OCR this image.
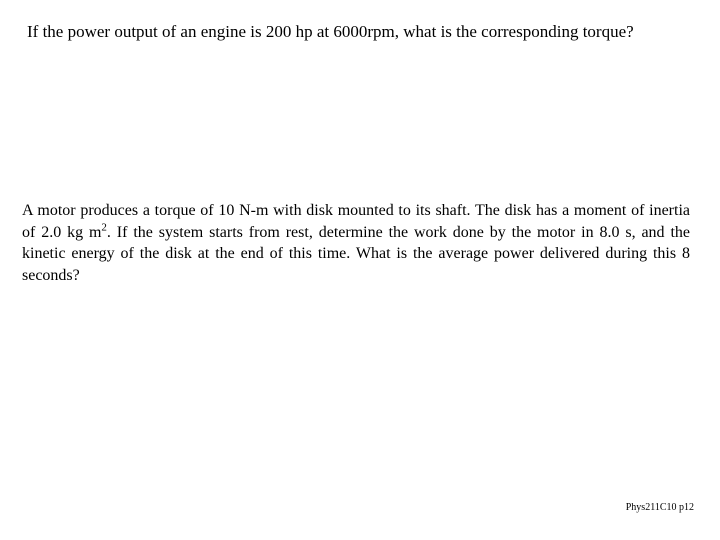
If the power output of an engine is 200 hp at 6000rpm, what is the corresponding torque?
A motor produces a torque of 10 N-m with disk mounted to its shaft. The disk has a moment of inertia of 2.0 kg $m^2$. If the system starts from rest, determine the work done by the motor in 8.0 s, and the kinetic energy of the disk at the end of this time. What is the average power delivered during this 8 seconds?
Phys211C10 p12
